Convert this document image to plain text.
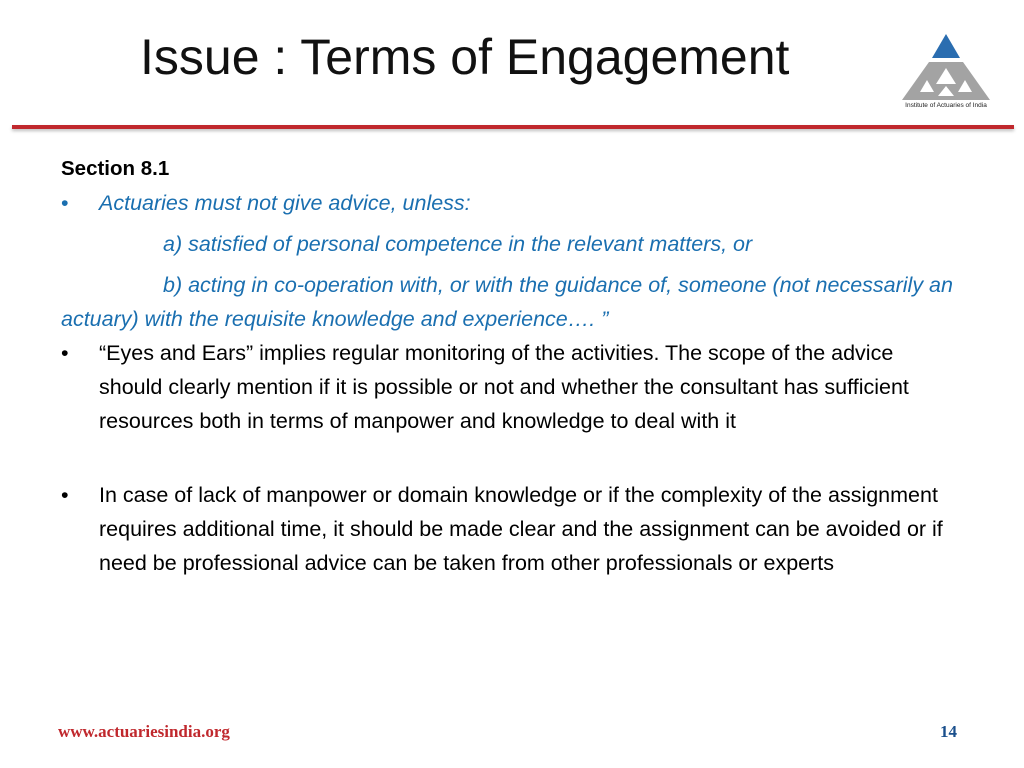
Issue : Terms of Engagement
Institute of Actuaries of India
Section 8.1
• Actuaries must not give advice, unless:
a) satisfied of personal competence in the relevant matters, or
b) acting in co-operation with, or with the guidance of, someone (not necessarily an actuary) with the requisite knowledge and experience…. ”
• “Eyes and Ears” implies regular monitoring of the activities. The scope of the advice should clearly mention if it is possible or not and whether the consultant has sufficient resources both in terms of manpower and knowledge to deal with it
• In case of lack of manpower or domain knowledge or if the complexity of the assignment requires additional time, it should be made clear and the assignment can be avoided or if need be professional advice can be taken from other professionals or experts
www.actuariesindia.org	14
